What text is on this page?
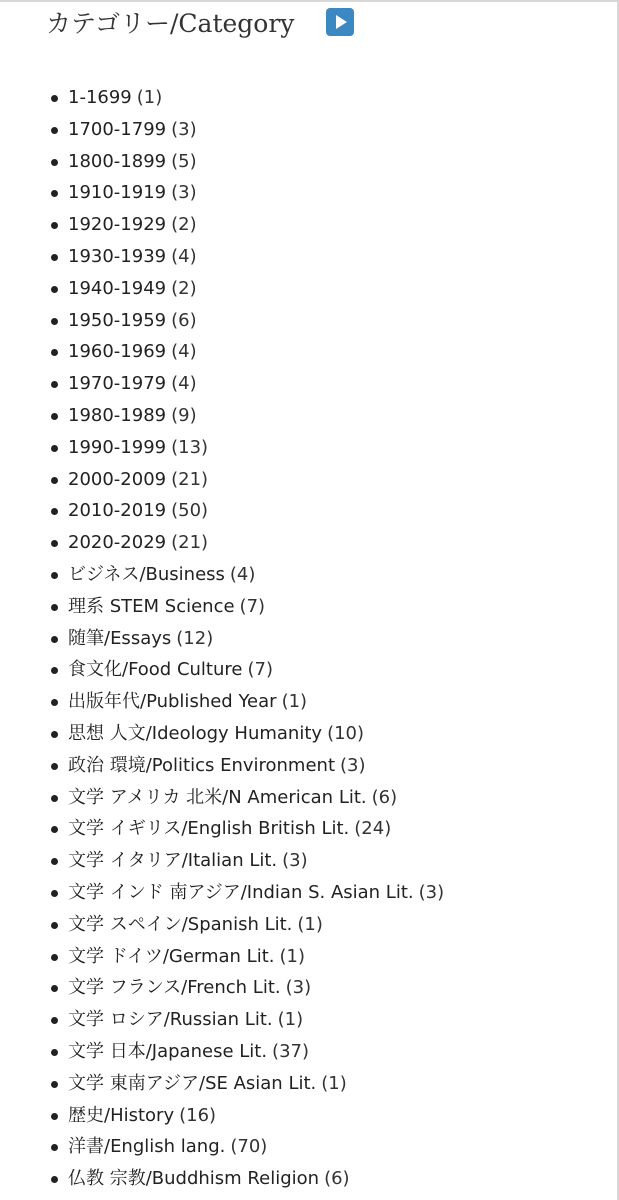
カテゴリー/Category
1-1699 (1)
1700-1799 (3)
1800-1899 (5)
1910-1919 (3)
1920-1929 (2)
1930-1939 (4)
1940-1949 (2)
1950-1959 (6)
1960-1969 (4)
1970-1979 (4)
1980-1989 (9)
1990-1999 (13)
2000-2009 (21)
2010-2019 (50)
2020-2029 (21)
ビジネス/Business (4)
理系 STEM Science (7)
随筆/Essays (12)
食文化/Food Culture (7)
出版年代/Published Year (1)
思想 人文/Ideology Humanity (10)
政治 環境/Politics Environment (3)
文学 アメリカ 北米/N American Lit. (6)
文学 イギリス/English British Lit. (24)
文学 イタリア/Italian Lit. (3)
文学 インド 南アジア/Indian S. Asian Lit. (3)
文学 スペイン/Spanish Lit. (1)
文学 ドイツ/German Lit. (1)
文学 フランス/French Lit. (3)
文学 ロシア/Russian Lit. (1)
文学 日本/Japanese Lit. (37)
文学 東南アジア/SE Asian Lit. (1)
歴史/History (16)
洋書/English lang. (70)
仏教 宗教/Buddhism Religion (6)
